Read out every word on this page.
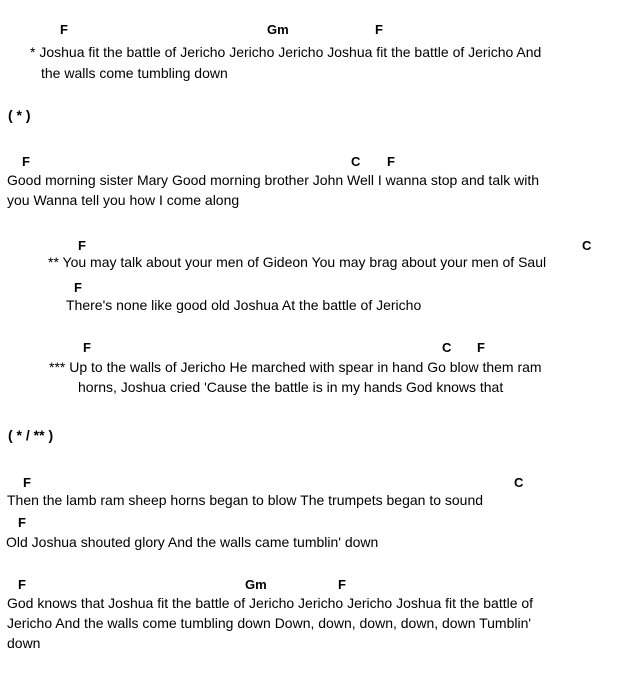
F	Gm	F
* Joshua fit the battle of Jericho Jericho Jericho Joshua fit the battle of Jericho And
the walls come tumbling down
( * )
F	C F
Good morning sister Mary Good morning brother John Well I wanna stop and talk with
you Wanna tell you how I come along
F	C
** You may talk about your men of Gideon You may brag about your men of Saul
F
There's none like good old Joshua At the battle of Jericho
F	C F
*** Up to the walls of Jericho He marched with spear in hand Go blow them ram
horns, Joshua cried 'Cause the battle is in my hands God knows that
( * / ** )
F	C
Then the lamb ram sheep horns began to blow The trumpets began to sound
F
Old Joshua shouted glory And the walls came tumblin' down
F	Gm	F
God knows that Joshua fit the battle of Jericho Jericho Jericho Joshua fit the battle of
Jericho And the walls come tumbling down Down, down, down, down, down Tumblin'
down
